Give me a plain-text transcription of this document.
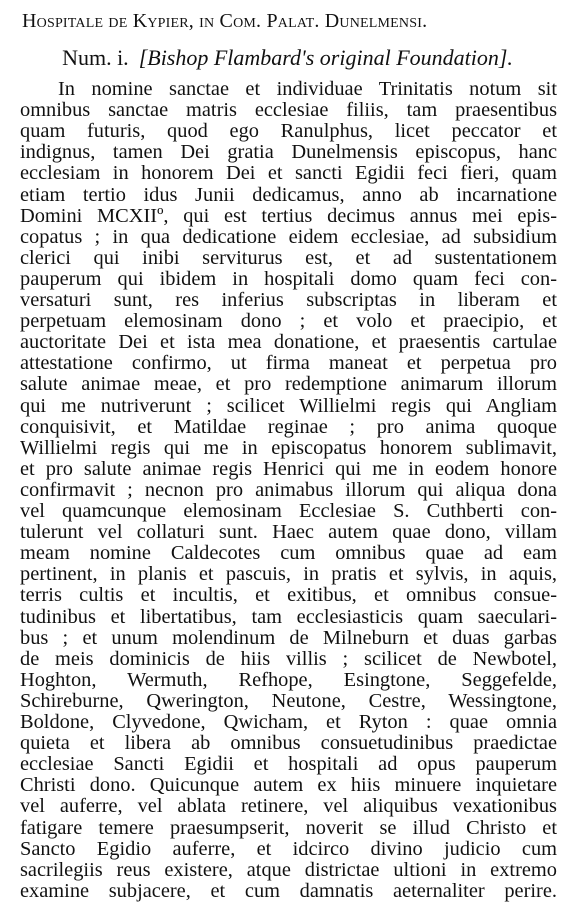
Hospitale de Kypier, in Com. Palat. Dunelmensi.
Num. i. [Bishop Flambard's original Foundation].
In nomine sanctae et individuae Trinitatis notum sit
omnibus sanctae matris ecclesiae filiis, tam praesentibus
quam futuris, quod ego Ranulphus, licet peccator et
indignus, tamen Dei gratia Dunelmensis episcopus, hanc
ecclesiam in honorem Dei et sancti Egidii feci fieri, quam
etiam tertio idus Junii dedicamus, anno ab incarnatione
Domini MCXIIº, qui est tertius decimus annus mei epis-
copatus ; in qua dedicatione eidem ecclesiae, ad subsidium
clerici qui inibi serviturus est, et ad sustentationem
pauperum qui ibidem in hospitali domo quam feci con-
versaturi sunt, res inferius subscriptas in liberam et
perpetuam elemosinam dono ; et volo et praecipio, et
auctoritate Dei et ista mea donatione, et praesentis cartulae
attestatione confirmo, ut firma maneat et perpetua pro
salute animae meae, et pro redemptione animarum illorum
qui me nutriverunt ; scilicet Willielmi regis qui Angliam
conquisivit, et Matildae reginae ; pro anima quoque
Willielmi regis qui me in episcopatus honorem sublimavit,
et pro salute animae regis Henrici qui me in eodem honore
confirmavit ; necnon pro animabus illorum qui aliqua dona
vel quamcunque elemosinam Ecclesiae S. Cuthberti con-
tulerunt vel collaturi sunt. Haec autem quae dono, villam
meam nomine Caldecotes cum omnibus quae ad eam
pertinent, in planis et pascuis, in pratis et sylvis, in aquis,
terris cultis et incultis, et exitibus, et omnibus consue-
tudinibus et libertatibus, tam ecclesiasticis quam saeculari-
bus ; et unum molendinum de Milneburn et duas garbas
de meis dominicis de hiis villis ; scilicet de Newbotel,
Hoghton, Wermuth, Refhope, Esingtone, Seggefelde,
Schireburne, Qwerington, Neutone, Cestre, Wessingtone,
Boldone, Clyvedone, Qwicham, et Ryton : quae omnia
quieta et libera ab omnibus consuetudinibus praedictae
ecclesiae Sancti Egidii et hospitali ad opus pauperum
Christi dono. Quicunque autem ex hiis minuere inquietare
vel auferre, vel ablata retinere, vel aliquibus vexationibus
fatigare temere praesumpserit, noverit se illud Christo et
Sancto Egidio auferre, et idcirco divino judicio cum
sacrilegiis reus existere, atque districtae ultioni in extremo
examine subjacere, et cum damnatis aeternaliter perire.
